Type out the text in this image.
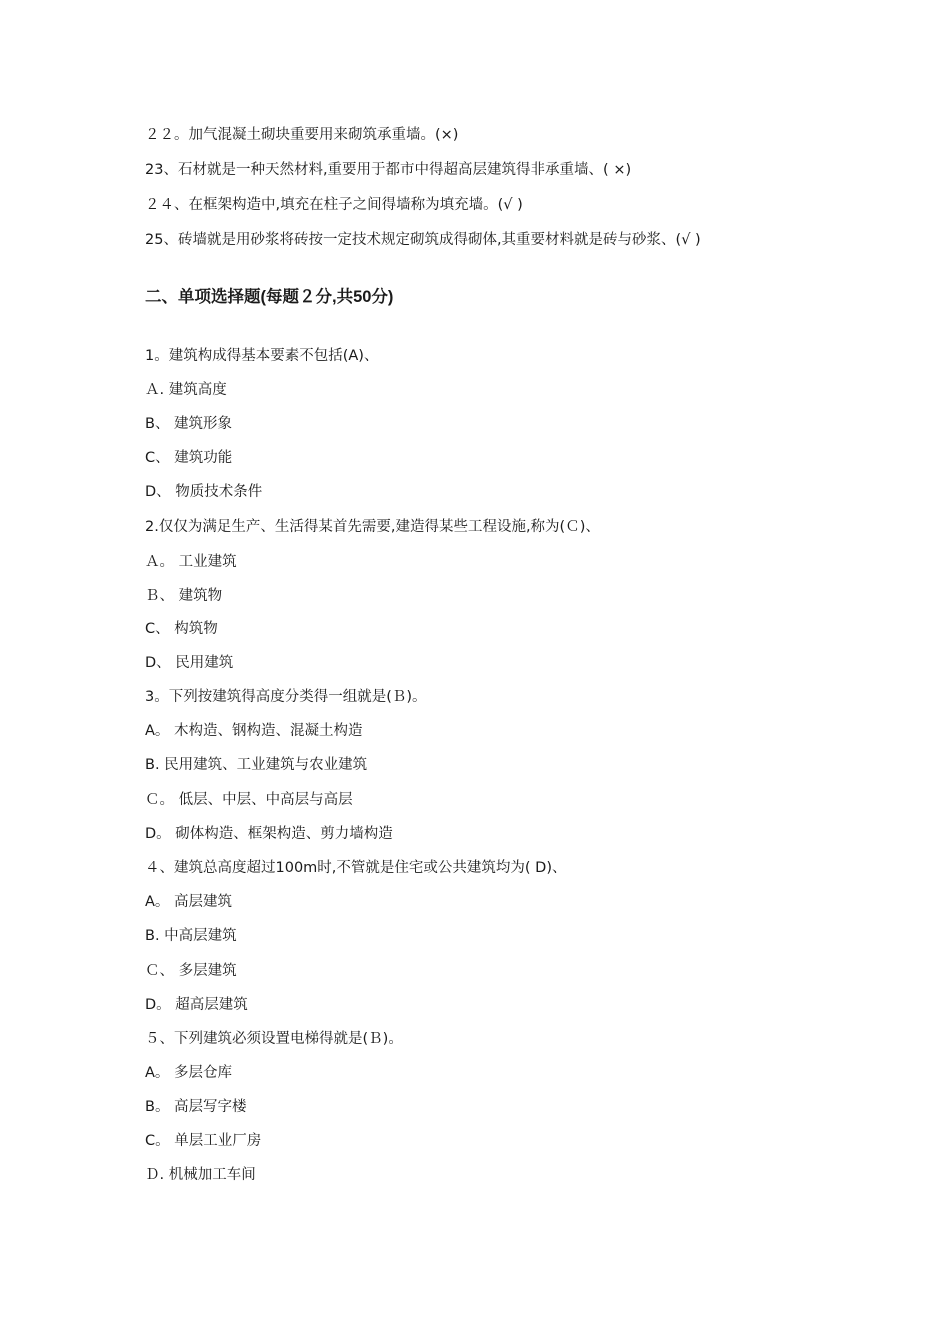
２２。加气混凝土砌块重要用来砌筑承重墙。(×)
23、石材就是一种天然材料,重要用于都市中得超高层建筑得非承重墙、( ×)
２４、在框架构造中,填充在柱子之间得墙称为填充墙。(√ )
25、砖墙就是用砂浆将砖按一定技术规定砌筑成得砌体,其重要材料就是砖与砂浆、(√ )
二、单项选择题(每题２分,共50分)
1。建筑构成得基本要素不包括(A)、
Ａ. 建筑高度
B、 建筑形象
C、 建筑功能
D、 物质技术条件
2.仅仅为满足生产、生活得某首先需要,建造得某些工程设施,称为(Ｃ)、
Ａ。 工业建筑
Ｂ、 建筑物
C、 构筑物
D、 民用建筑
3。下列按建筑得高度分类得一组就是(Ｂ)。
A。 木构造、钢构造、混凝土构造
B. 民用建筑、工业建筑与农业建筑
Ｃ。 低层、中层、中高层与高层
D。 砌体构造、框架构造、剪力墙构造
４、建筑总高度超过100m时,不管就是住宅或公共建筑均为( D)、
A。 高层建筑
B. 中高层建筑
Ｃ、 多层建筑
D。 超高层建筑
５、下列建筑必须设置电梯得就是(Ｂ)。
A。 多层仓库
B。 高层写字楼
C。 单层工业厂房
Ｄ. 机械加工车间
